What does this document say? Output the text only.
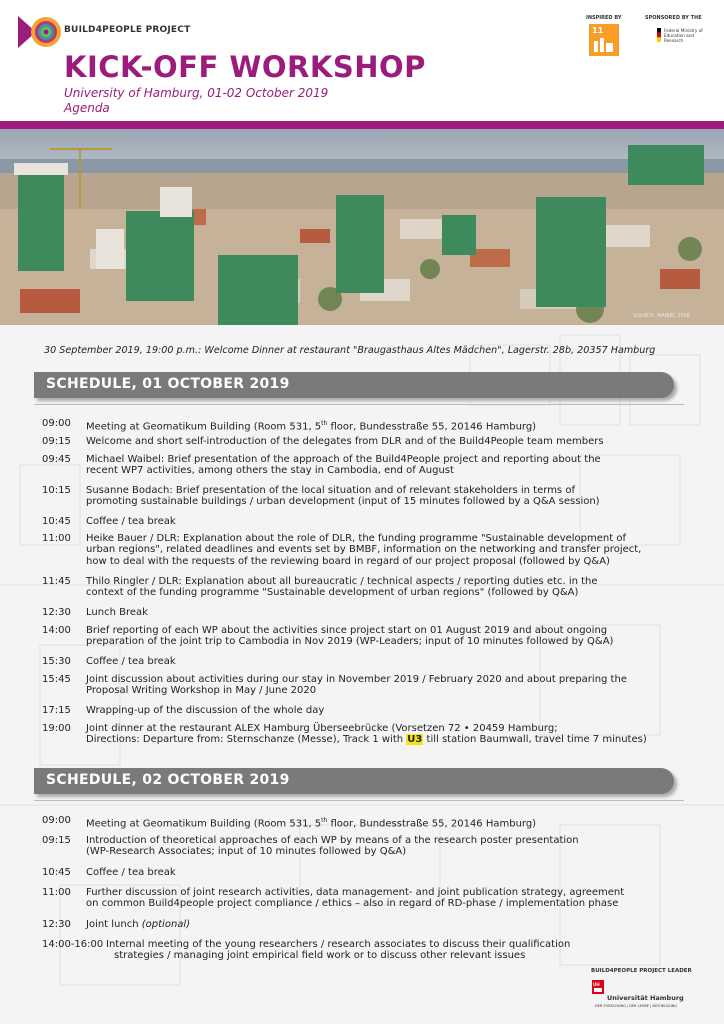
BUILD4PEOPLE PROJECT
KICK-OFF WORKSHOP
University of Hamburg, 01-02 October 2019
Agenda
INSPIRED BY
11
SPONSORED BY THE
Federal Ministry of Education and Research
SOURCE: WAIBEL 2016
30 September 2019, 19:00 p.m.: Welcome Dinner at restaurant "Braugasthaus Altes Mädchen", Lagerstr. 28b, 20357 Hamburg
SCHEDULE, 01 OCTOBER 2019
09:00	Meeting at Geomatikum Building (Room 531, 5th floor, Bundesstraße 55, 20146 Hamburg)
09:15	Welcome and short self-introduction of the delegates from DLR and of the Build4People team members
09:45	Michael Waibel: Brief presentation of the approach of the Build4People project and reporting about the
recent WP7 activities, among others the stay in Cambodia, end of August
10:15	Susanne Bodach: Brief presentation of the local situation and of relevant stakeholders in terms of
promoting sustainable buildings / urban development (input of 15 minutes followed by a Q&A session)
10:45	Coffee / tea break
11:00	Heike Bauer / DLR: Explanation about the role of DLR, the funding programme "Sustainable development of
urban regions", related deadlines and events set by BMBF, information on the networking and transfer project,
how to deal with the requests of the reviewing board in regard of our project proposal (followed by Q&A)
11:45	Thilo Ringler / DLR: Explanation about all bureaucratic / technical aspects / reporting duties etc. in the
context of the funding programme "Sustainable development of urban regions" (followed by Q&A)
12:30	Lunch Break
14:00	Brief reporting of each WP about the activities since project start on 01 August 2019 and about ongoing
preparation of the joint trip to Cambodia in Nov 2019 (WP-Leaders; input of 10 minutes followed by Q&A)
15:30	Coffee / tea break
15:45	Joint discussion about activities during our stay in November 2019 / February 2020 and about preparing the
Proposal Writing Workshop in May / June 2020
17:15	Wrapping-up of the discussion of the whole day
19:00	Joint dinner at the restaurant ALEX Hamburg Überseebrücke (Vorsetzen 72 • 20459 Hamburg;
Directions: Departure from: Sternschanze (Messe), Track 1 with U3 till station Baumwall, travel time 7 minutes)
SCHEDULE, 02 OCTOBER 2019
09:00	Meeting at Geomatikum Building (Room 531, 5th floor, Bundesstraße 55, 20146 Hamburg)
09:15	Introduction of theoretical approaches of each WP by means of a the research poster presentation
(WP-Research Associates; input of 10 minutes followed by Q&A)
10:45	Coffee / tea break
11:00	Further discussion of joint research activities, data management- and joint publication strategy, agreement
on common Build4people project compliance / ethics – also in regard of RD-phase / implementation phase
12:30	Joint lunch (optional)
14:00-16:00 Internal meeting of the young researchers / research associates to discuss their qualification
strategies / managing joint empirical field work or to discuss other relevant issues
BUILD4PEOPLE PROJECT LEADER
UH
Universität Hamburg
DER FORSCHUNG | DER LEHRE | DER BILDUNG
